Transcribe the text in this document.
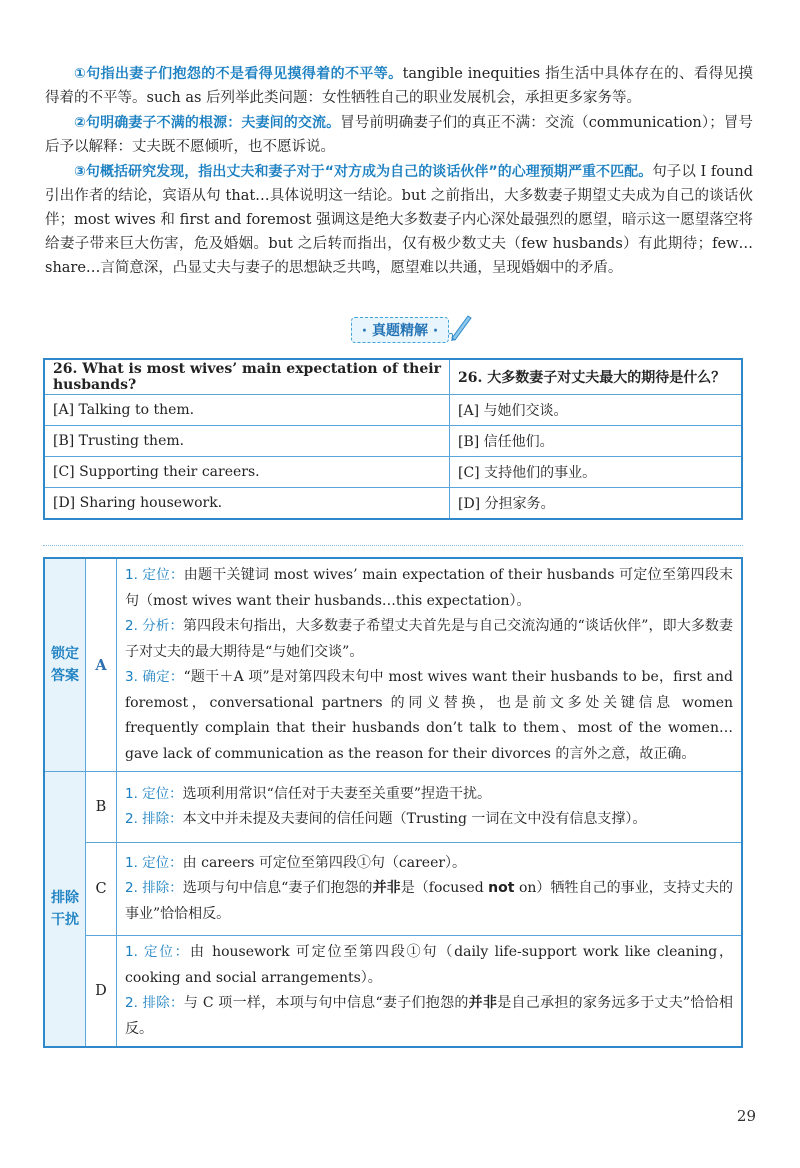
①句指出妻子们抱怨的不是看得见摸得着的不平等。tangible inequities 指生活中具体存在的、看得见摸得着的不平等。such as 后列举此类问题：女性牺牲自己的职业发展机会，承担更多家务等。

②句明确妻子不满的根源：夫妻间的交流。冒号前明确妻子们的真正不满：交流（communication）；冒号后予以解释：丈夫既不愿倾听，也不愿诉说。

③句概括研究发现，指出丈夫和妻子对于“对方成为自己的谈话伙伴”的心理预期严重不匹配。句子以 I found 引出作者的结论，宾语从句 that…具体说明这一结论。but 之前指出，大多数妻子期望丈夫成为自己的谈话伙伴；most wives 和 first and foremost 强调这是绝大多数妻子内心深处最强烈的愿望，暗示这一愿望落空将给妻子带来巨大伤害，危及婚姻。but 之后转而指出，仅有极少数丈夫（few husbands）有此期待；few…share…言简意深，凸显丈夫与妻子的思想缺乏共鸣，愿望难以共通，呈现婚姻中的矛盾。

· 真题精解 ·
26. What is most wives’ main expectation of their husbands?	26. 大多数妻子对丈夫最大的期待是什么？
[A] Talking to them.	[A] 与她们交谈。
[B] Trusting them.	[B] 信任他们。
[C] Supporting their careers.	[C] 支持他们的事业。
[D] Sharing housework.	[D] 分担家务。
锁定答案	A	1. 定位：由题干关键词 most wives’ main expectation of their husbands 可定位至第四段末句（most wives want their husbands…this expectation）。

2. 分析：第四段末句指出，大多数妻子希望丈夫首先是与自己交流沟通的“谈话伙伴”，即大多数妻子对丈夫的最大期待是“与她们交谈”。

3. 确定：“题干＋A 项”是对第四段末句中 most wives want their husbands to be，first and foremost，conversational partners 的同义替换，也是前文多处关键信息 women frequently complain that their husbands don’t talk to them、most of the women…gave lack of communication as the reason for their divorces 的言外之意，故正确。

排除干扰	B	1. 定位：选项利用常识“信任对于夫妻至关重要”捏造干扰。

2. 排除：本文中并未提及夫妻间的信任问题（Trusting 一词在文中没有信息支撑）。

	C	1. 定位：由 careers 可定位至第四段①句（career）。

2. 排除：选项与句中信息“妻子们抱怨的并非是（focused not on）牺牲自己的事业，支持丈夫的事业”恰恰相反。

	D	1. 定位：由 housework 可定位至第四段①句（daily life-support work like cleaning，cooking and social arrangements）。

2. 排除：与 C 项一样，本项与句中信息“妻子们抱怨的并非是自己承担的家务远多于丈夫”恰恰相反。

29
